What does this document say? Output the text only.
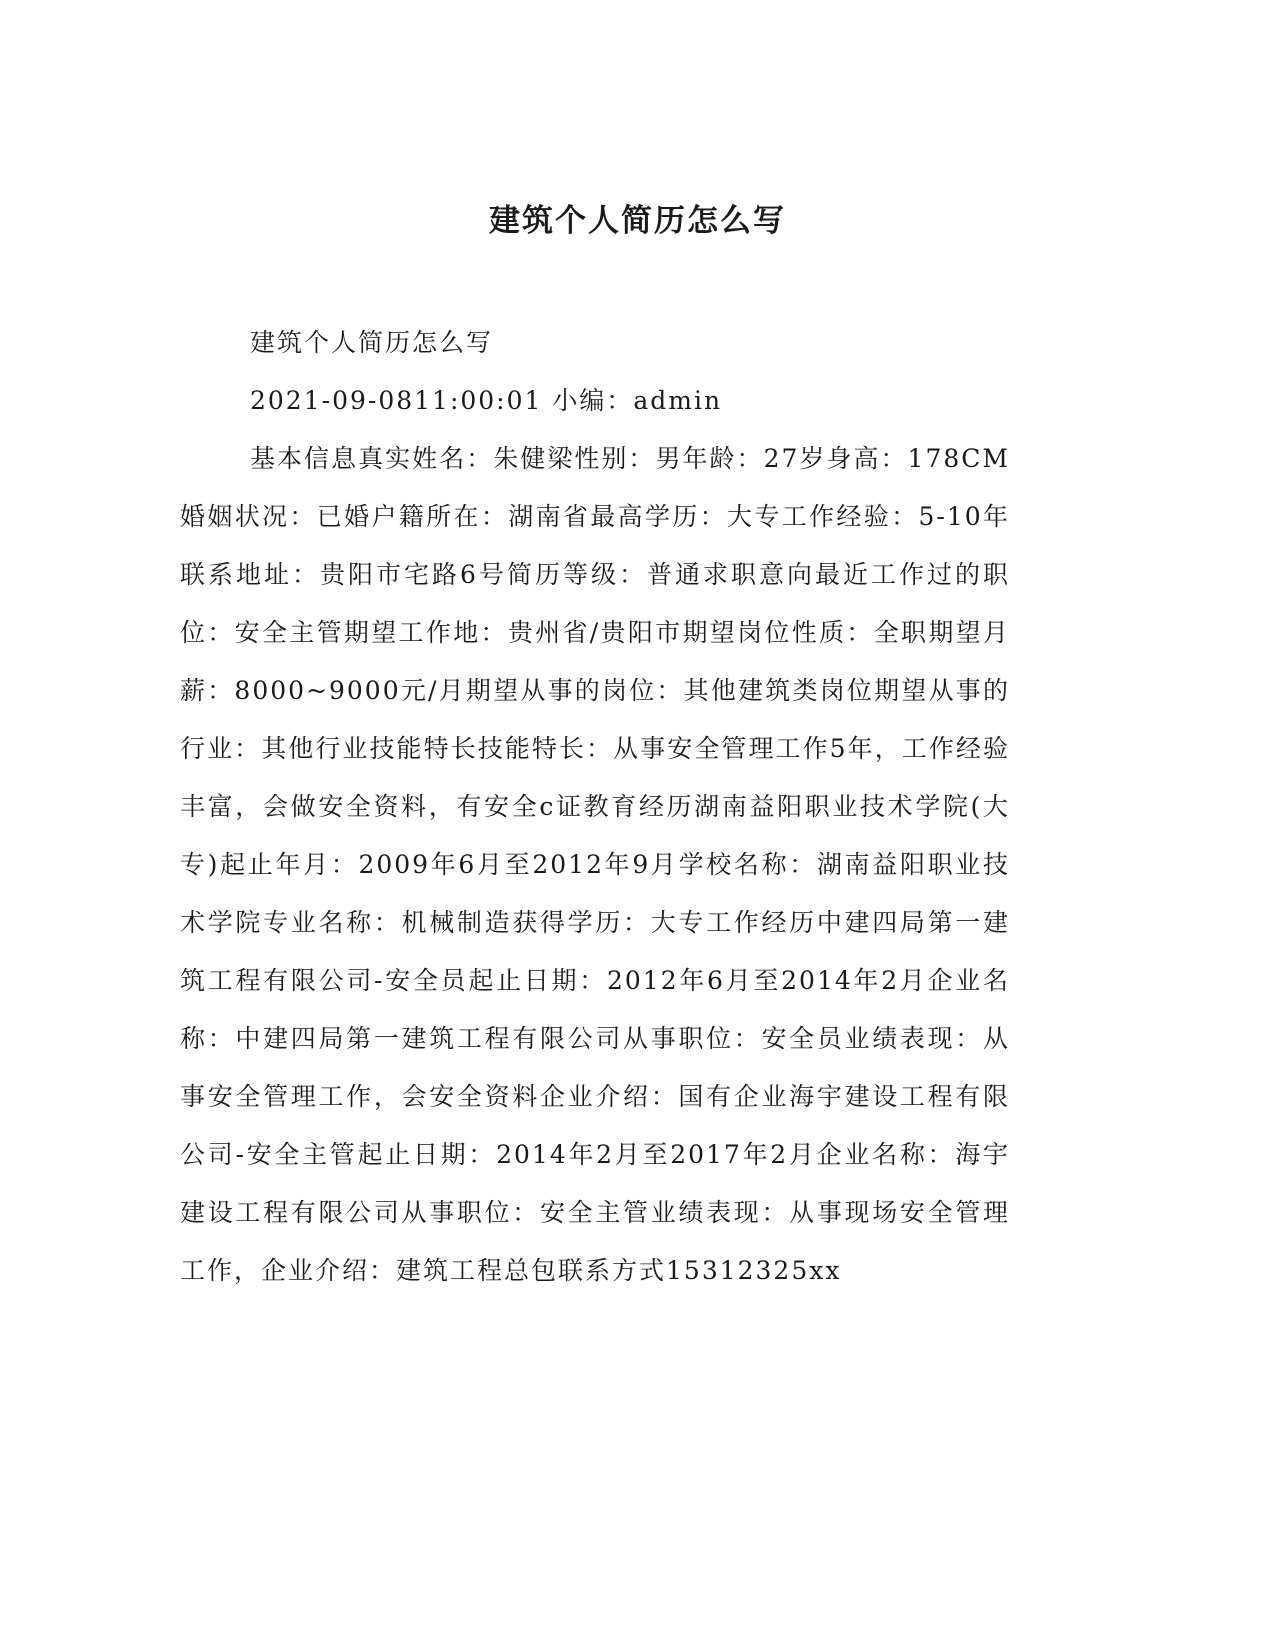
建筑个人简历怎么写

建筑个人简历怎么写

2021-09-0811:00:01 小编：admin

基本信息真实姓名：朱健梁性别：男年龄：27岁身高：178CM婚姻状况：已婚户籍所在：湖南省最高学历：大专工作经验：5-10年联系地址：贵阳市宅路6号简历等级：普通求职意向最近工作过的职位：安全主管期望工作地：贵州省/贵阳市期望岗位性质：全职期望月薪：8000~9000元/月期望从事的岗位：其他建筑类岗位期望从事的行业：其他行业技能特长技能特长：从事安全管理工作5年，工作经验丰富，会做安全资料，有安全c证教育经历湖南益阳职业技术学院(大专)起止年月：2009年6月至2012年9月学校名称：湖南益阳职业技术学院专业名称：机械制造获得学历：大专工作经历中建四局第一建筑工程有限公司-安全员起止日期：2012年6月至2014年2月企业名称：中建四局第一建筑工程有限公司从事职位：安全员业绩表现：从事安全管理工作，会安全资料企业介绍：国有企业海宇建设工程有限公司-安全主管起止日期：2014年2月至2017年2月企业名称：海宇建设工程有限公司从事职位：安全主管业绩表现：从事现场安全管理工作，企业介绍：建筑工程总包联系方式15312325xx
